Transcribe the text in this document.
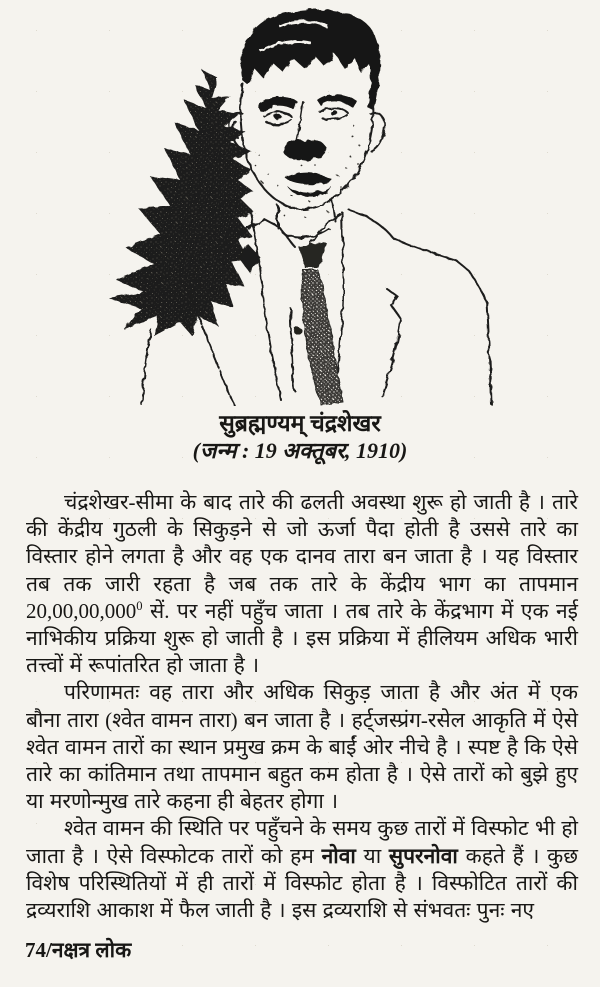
सुब्रह्मण्यम् चंद्रशेखर
(जन्म : 19 अक्तूबर, 1910)

चंद्रशेखर-सीमा के बाद तारे की ढलती अवस्था शुरू हो जाती है । तारे की केंद्रीय गुठली के सिकुड़ने से जो ऊर्जा पैदा होती है उससे तारे का विस्तार होने लगता है और वह एक दानव तारा बन जाता है । यह विस्तार तब तक जारी रहता है जब तक तारे के केंद्रीय भाग का तापमान 20,00,00,000$^0$ सें. पर नहीं पहुँच जाता । तब तारे के केंद्रभाग में एक नई नाभिकीय प्रक्रिया शुरू हो जाती है । इस प्रक्रिया में हीलियम अधिक भारी तत्त्वों में रूपांतरित हो जाता है ।

परिणामतः वह तारा और अधिक सिकुड़ जाता है और अंत में एक बौना तारा (श्वेत वामन तारा) बन जाता है । हर्ट्जस्प्रंग-रसेल आकृति में ऐसे श्वेत वामन तारों का स्थान प्रमुख क्रम के बाईं ओर नीचे है । स्पष्ट है कि ऐसे तारे का कांतिमान तथा तापमान बहुत कम होता है । ऐसे तारों को बुझे हुए या मरणोन्मुख तारे कहना ही बेहतर होगा ।

श्वेत वामन की स्थिति पर पहुँचने के समय कुछ तारों में विस्फोट भी हो जाता है । ऐसे विस्फोटक तारों को हम नोवा या सुपरनोवा कहते हैं । कुछ विशेष परिस्थितियों में ही तारों में विस्फोट होता है । विस्फोटित तारों की द्रव्यराशि आकाश में फैल जाती है । इस द्रव्यराशि से संभवतः पुनः नए

74/नक्षत्र लोक
